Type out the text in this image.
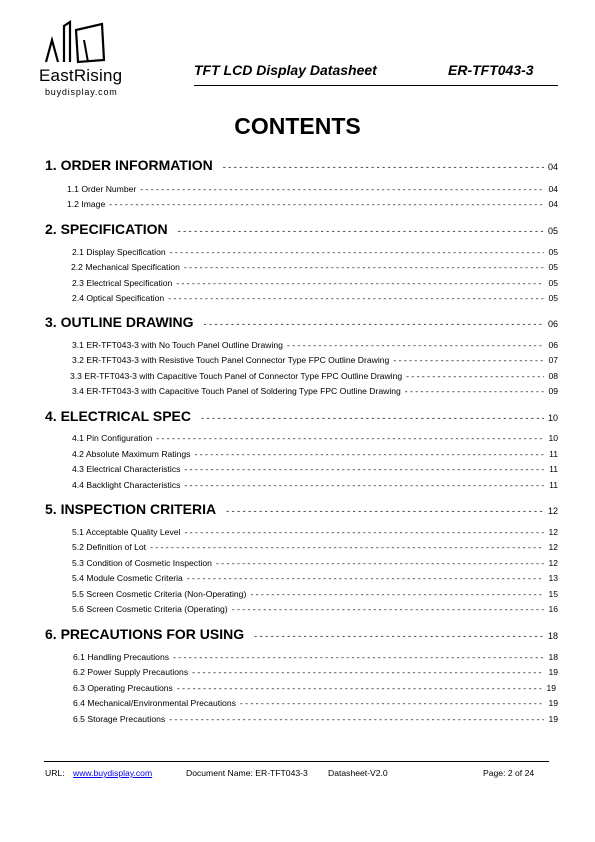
EastRising
buydisplay.com
TFT LCD Display Datasheet	ER-TFT043-3
CONTENTS
1. ORDER INFORMATION - - -	04
1.1 Order Number - - -	04
1.2 Image - - -	04
2. SPECIFICATION - - -	05
2.1 Display Specification - - -	05
2.2 Mechanical Specification - - -	05
2.3 Electrical Specification - - -	05
2.4 Optical Specification - - -	05
3. OUTLINE DRAWING - - -	06
3.1 ER-TFT043-3 with No Touch Panel Outline Drawing - - -	06
3.2 ER-TFT043-3 with Resistive Touch Panel Connector Type FPC Outline Drawing - - -	07
3.3 ER-TFT043-3 with Capacitive Touch Panel of Connector Type FPC Outline Drawing - - -	08
3.4 ER-TFT043-3 with Capacitive Touch Panel of Soldering Type FPC Outline Drawing - - -	09
4. ELECTRICAL SPEC - - -	10
4.1 Pin Configuration - - -	10
4.2 Absolute Maximum Ratings - - -	11
4.3 Electrical Characteristics - - -	11
4.4 Backlight Characteristics - - -	11
5. INSPECTION CRITERIA - - -	12
5.1 Acceptable Quality Level - - -	12
5.2 Definition of Lot - - -	12
5.3 Condition of Cosmetic Inspection - - -	12
5.4 Module Cosmetic Criteria - - -	13
5.5 Screen Cosmetic Criteria (Non-Operating) - - -	15
5.6 Screen Cosmetic Criteria (Operating) - - -	16
6. PRECAUTIONS FOR USING - - -	18
6.1 Handling Precautions - - -	18
6.2 Power Supply Precautions - - -	19
6.3 Operating Precautions - - -	19
6.4 Mechanical/Environmental Precautions - - -	19
6.5 Storage Precautions - - -	19
URL: www.buydisplay.com	Document Name: ER-TFT043-3 Datasheet-V2.0	Page: 2 of 24
